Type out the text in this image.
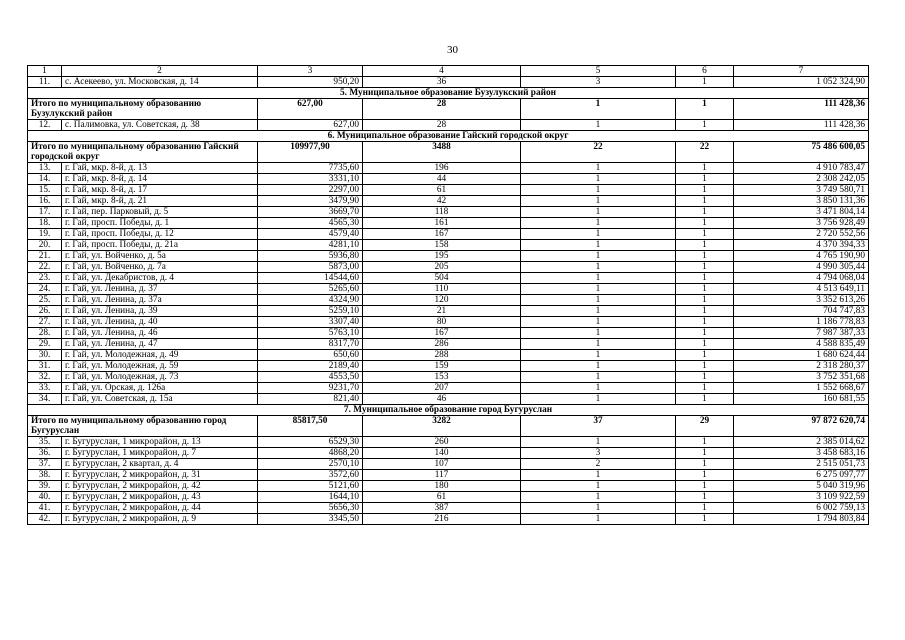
30
1	2	3	4	5	6	7
11.	с. Асекеево, ул. Московская, д. 14	950,20	36	3	1	1 052 324,90
5. Муниципальное образование Бузулукский район						
Итого по муниципальному образованию Бузулукский район		627,00	28	1	1	111 428,36
12.	с. Палимовка, ул. Советская, д. 38	627,00	28	1	1	111 428,36
6. Муниципальное образование Гайский городской округ						
Итого по муниципальному образованию Гайский городской округ		109977,90	3488	22	22	75 486 600,05
13.	г. Гай, мкр. 8-й, д. 13	7735,60	196	1	1	4 910 783,47
14.	г. Гай, мкр. 8-й, д. 14	3331,10	44	1	1	2 308 242,05
15.	г. Гай, мкр. 8-й, д. 17	2297,00	61	1	1	3 749 580,71
16.	г. Гай, мкр. 8-й, д. 21	3479,90	42	1	1	3 850 131,36
17.	г. Гай, пер. Парковый, д. 5	3669,70	118	1	1	3 471 804,14
18.	г. Гай, просп. Победы, д. 1	4565,30	161	1	1	3 756 928,49
19.	г. Гай, просп. Победы, д. 12	4579,40	167	1	1	2 720 552,56
20.	г. Гай, просп. Победы, д. 21а	4281,10	158	1	1	4 370 394,33
21.	г. Гай, ул. Войченко, д. 5а	5936,80	195	1	1	4 765 190,90
22.	г. Гай, ул. Войченко, д. 7а	5873,00	205	1	1	4 990 305,44
23.	г. Гай, ул. Декабристов, д. 4	14544,60	504	1	1	4 794 068,04
24.	г. Гай, ул. Ленина, д. 37	5265,60	110	1	1	4 513 649,11
25.	г. Гай, ул. Ленина, д. 37а	4324,90	120	1	1	3 352 613,26
26.	г. Гай, ул. Ленина, д. 39	5259,10	21	1	1	704 747,83
27.	г. Гай, ул. Ленина, д. 40	3307,40	80	1	1	1 186 778,83
28.	г. Гай, ул. Ленина, д. 46	5763,10	167	1	1	7 987 387,33
29.	г. Гай, ул. Ленина, д. 47	8317,70	286	1	1	4 588 835,49
30.	г. Гай, ул. Молодежная, д. 49	650,60	288	1	1	1 680 624,44
31.	г. Гай, ул. Молодежная, д. 59	2189,40	159	1	1	2 318 280,37
32.	г. Гай, ул. Молодежная, д. 73	4553,50	153	1	1	3 752 351,68
33.	г. Гай, ул. Орская, д. 126а	9231,70	207	1	1	1 552 668,67
34.	г. Гай, ул. Советская, д. 15а	821,40	46	1	1	160 681,55
7. Муниципальное образование город Бугуруслан						
Итого по муниципальному образованию город Бугуруслан		85817,50	3282	37	29	97 872 620,74
35.	г. Бугуруслан, 1 микрорайон, д. 13	6529,30	260	1	1	2 385 014,62
36.	г. Бугуруслан, 1 микрорайон, д. 7	4868,20	140	3	1	3 458 683,16
37.	г. Бугуруслан, 2 квартал, д. 4	2570,10	107	2	1	2 515 051,73
38.	г. Бугуруслан, 2 микрорайон, д. 31	3572,60	117	1	1	6 275 097,77
39.	г. Бугуруслан, 2 микрорайон, д. 42	5121,60	180	1	1	5 040 319,96
40.	г. Бугуруслан, 2 микрорайон, д. 43	1644,10	61	1	1	3 109 922,59
41.	г. Бугуруслан, 2 микрорайон, д. 44	5656,30	387	1	1	6 002 759,13
42.	г. Бугуруслан, 2 микрорайон, д. 9	3345,50	216	1	1	1 794 803,84
